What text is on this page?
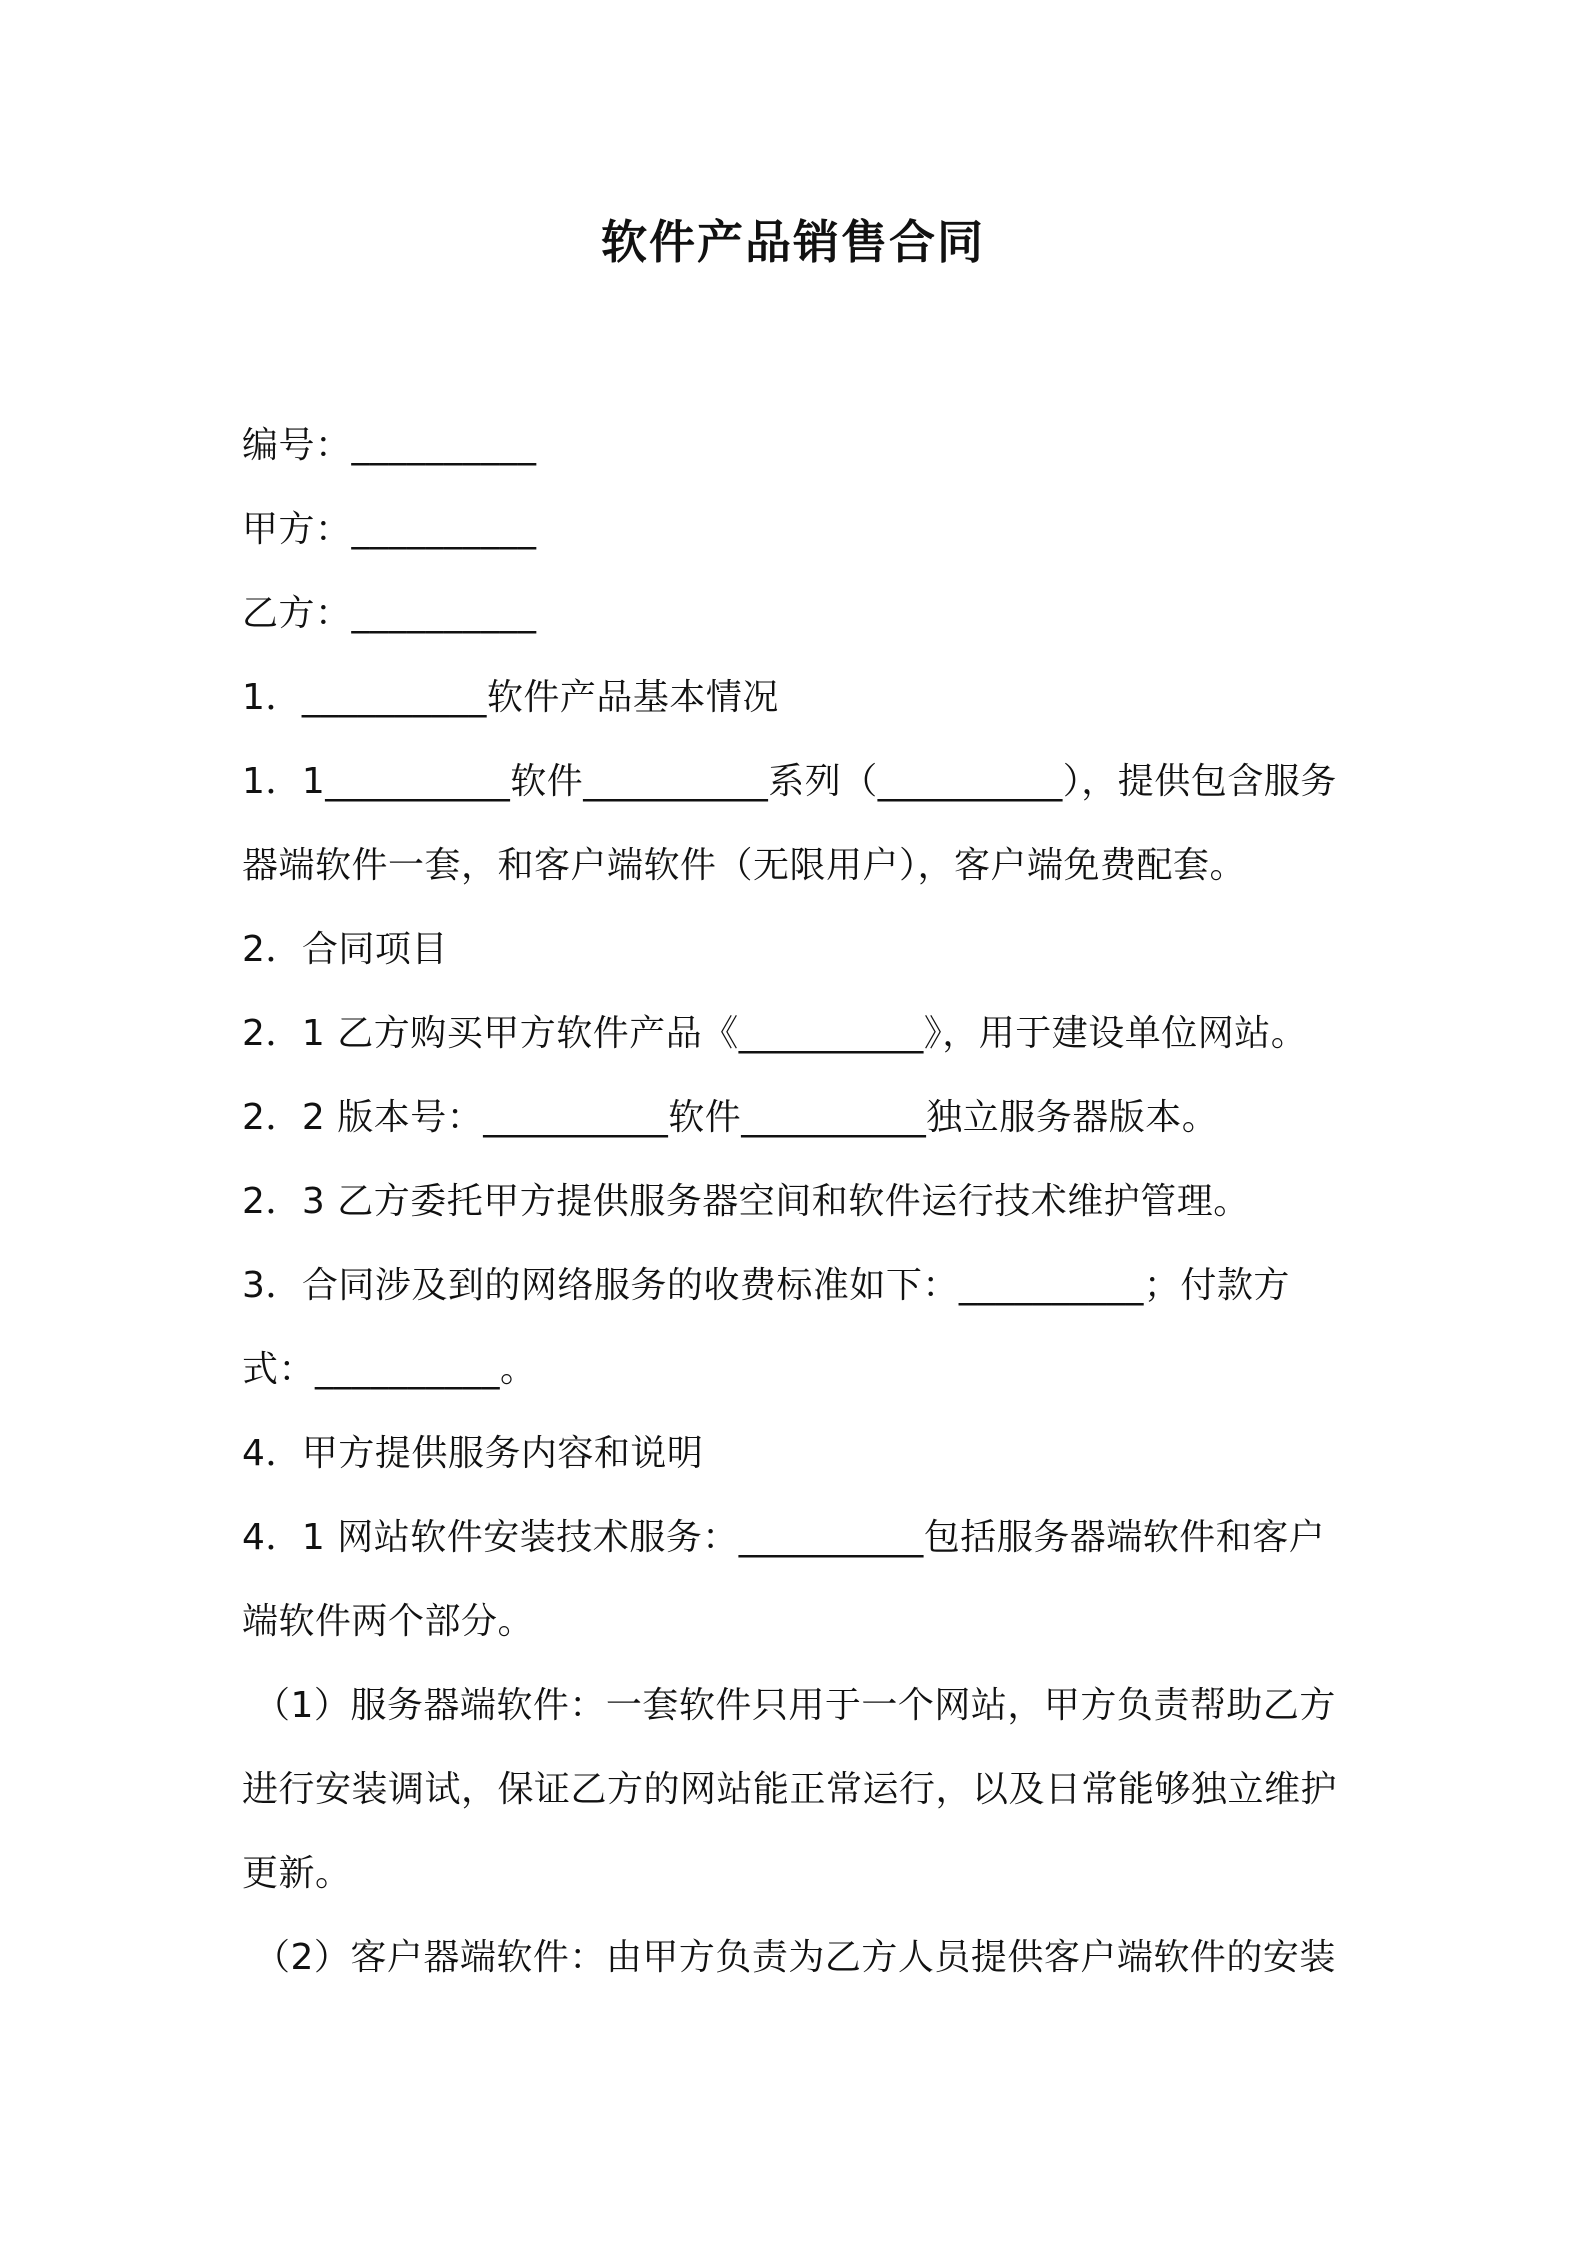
软件产品销售合同

编号：__________

甲方：__________

乙方：__________

1．__________软件产品基本情况

1．1__________软件__________系列（__________），提供包含服务

器端软件一套，和客户端软件（无限用户），客户端免费配套。

2．合同项目

2．1 乙方购买甲方软件产品《__________》，用于建设单位网站。

2．2 版本号：__________软件__________独立服务器版本。

2．3 乙方委托甲方提供服务器空间和软件运行技术维护管理。

3．合同涉及到的网络服务的收费标准如下：__________；付款方

式：__________。

4．甲方提供服务内容和说明

4．1 网站软件安装技术服务：__________包括服务器端软件和客户

端软件两个部分。

（1）服务器端软件：一套软件只用于一个网站，甲方负责帮助乙方

进行安装调试，保证乙方的网站能正常运行，以及日常能够独立维护

更新。

（2）客户器端软件：由甲方负责为乙方人员提供客户端软件的安装
